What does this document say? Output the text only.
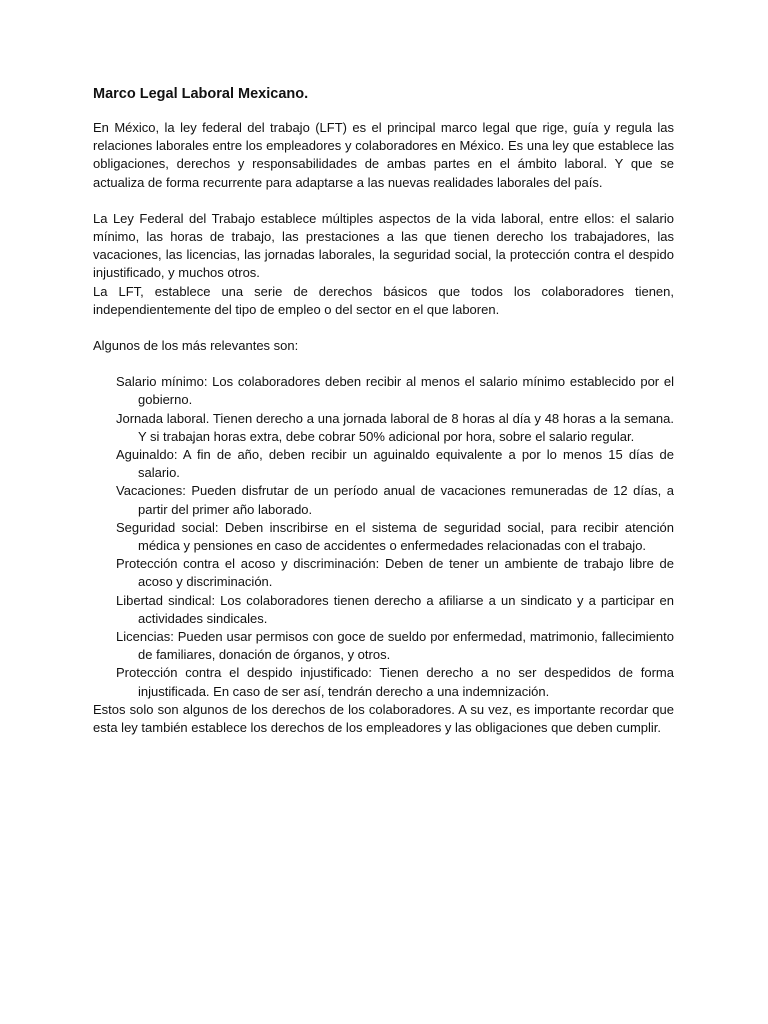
Marco Legal Laboral Mexicano.

En México, la ley federal del trabajo (LFT) es el principal marco legal que rige, guía y regula las relaciones laborales entre los empleadores y colaboradores en México. Es una ley que establece las obligaciones, derechos y responsabilidades de ambas partes en el ámbito laboral. Y que se actualiza de forma recurrente para adaptarse a las nuevas realidades laborales del país.

La Ley Federal del Trabajo establece múltiples aspectos de la vida laboral, entre ellos: el salario mínimo, las horas de trabajo, las prestaciones a las que tienen derecho los trabajadores, las vacaciones, las licencias, las jornadas laborales, la seguridad social, la protección contra el despido injustificado, y muchos otros.

La LFT, establece una serie de derechos básicos que todos los colaboradores tienen, independientemente del tipo de empleo o del sector en el que laboren.

Algunos de los más relevantes son:

Salario mínimo: Los colaboradores deben recibir al menos el salario mínimo establecido por el gobierno.
Jornada laboral. Tienen derecho a una jornada laboral de 8 horas al día y 48 horas a la semana. Y si trabajan horas extra, debe cobrar 50% adicional por hora, sobre el salario regular.
Aguinaldo: A fin de año, deben recibir un aguinaldo equivalente a por lo menos 15 días de salario.
Vacaciones: Pueden disfrutar de un período anual de vacaciones remuneradas de 12 días, a partir del primer año laborado.
Seguridad social: Deben inscribirse en el sistema de seguridad social, para recibir atención médica y pensiones en caso de accidentes o enfermedades relacionadas con el trabajo.
Protección contra el acoso y discriminación: Deben de tener un ambiente de trabajo libre de acoso y discriminación.
Libertad sindical: Los colaboradores tienen derecho a afiliarse a un sindicato y a participar en actividades sindicales.
Licencias: Pueden usar permisos con goce de sueldo por enfermedad, matrimonio, fallecimiento de familiares, donación de órganos, y otros.
Protección contra el despido injustificado: Tienen derecho a no ser despedidos de forma injustificada. En caso de ser así, tendrán derecho a una indemnización.
Estos solo son algunos de los derechos de los colaboradores. A su vez, es importante recordar que esta ley también establece los derechos de los empleadores y las obligaciones que deben cumplir.
